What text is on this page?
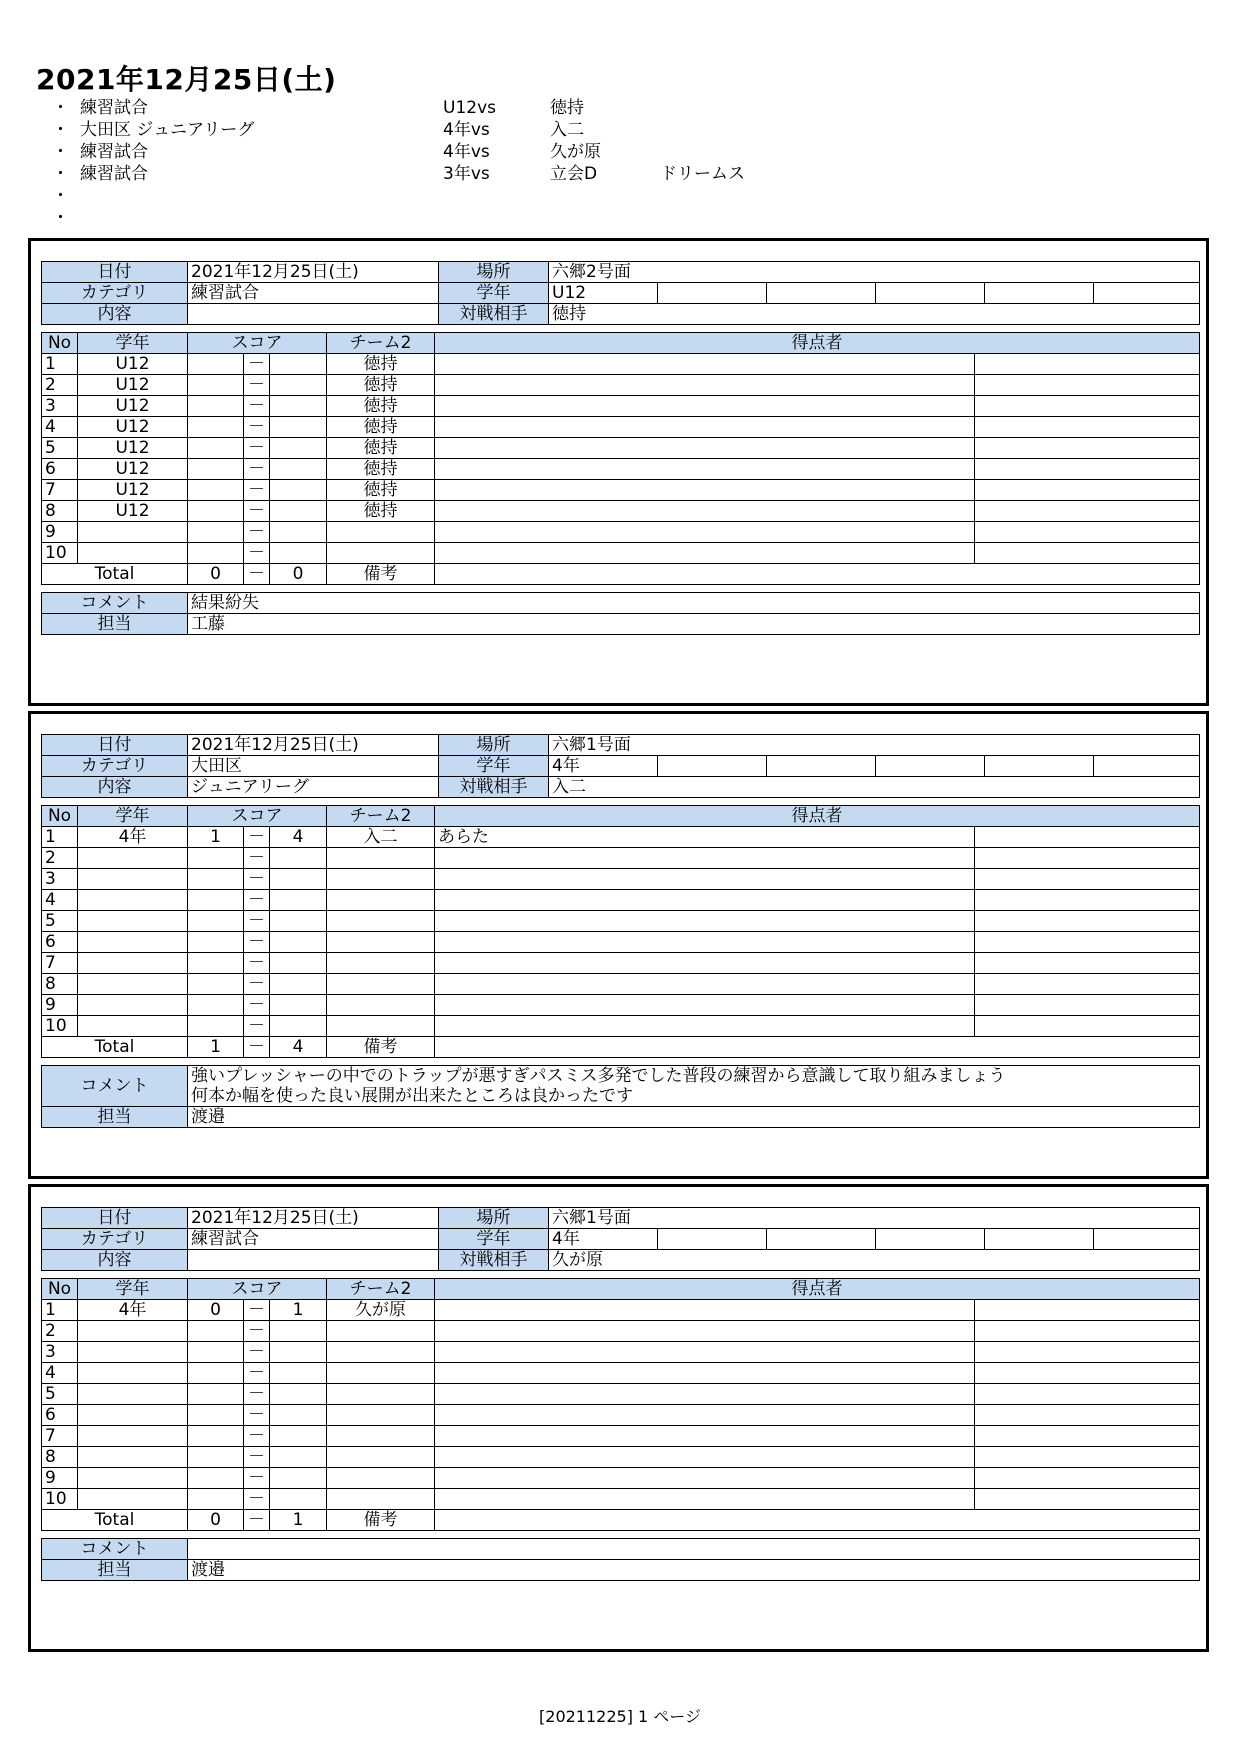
2021年12月25日(土)
・ 練習試合	U12vs	徳持
・ 大田区 ジュニアリーグ	4年vs	入二
・ 練習試合	4年vs	久が原
・ 練習試合	3年vs	立会D	ドリームス
・
・
日付	2021年12月25日(土)	場所	六郷2号面					
カテゴリ	練習試合	学年	U12					
内容		対戦相手	徳持					
No	学年	スコア			チーム2	得点者	
1	U12		－		徳持		
2	U12		－		徳持		
3	U12		－		徳持		
4	U12		－		徳持		
5	U12		－		徳持		
6	U12		－		徳持		
7	U12		－		徳持		
8	U12		－		徳持		
9			－				
10			－				
Total		0	－	0	備考		
コメント	結果紛失

担当	工藤
日付	2021年12月25日(土)	場所	六郷1号面					
カテゴリ	大田区	学年	4年					
内容	ジュニアリーグ	対戦相手	入二					
No	学年	スコア			チーム2	得点者	
1	4年	1	－	4	入二	あらた	
2			－				
3			－				
4			－				
5			－				
6			－				
7			－				
8			－				
9			－				
10			－				
Total		1	－	4	備考		
コメント	強いプレッシャーの中でのトラップが悪すぎパスミス多発でした普段の練習から意識して取り組みましょう
何本か幅を使った良い展開が出来たところは良かったです

担当	渡邉
日付	2021年12月25日(土)	場所	六郷1号面					
カテゴリ	練習試合	学年	4年					
内容		対戦相手	久が原					
No	学年	スコア			チーム2	得点者	
1	4年	0	－	1	久が原		
2			－				
3			－				
4			－				
5			－				
6			－				
7			－				
8			－				
9			－				
10			－				
Total		0	－	1	備考		
コメント	

担当	渡邉
[20211225] 1 ページ
